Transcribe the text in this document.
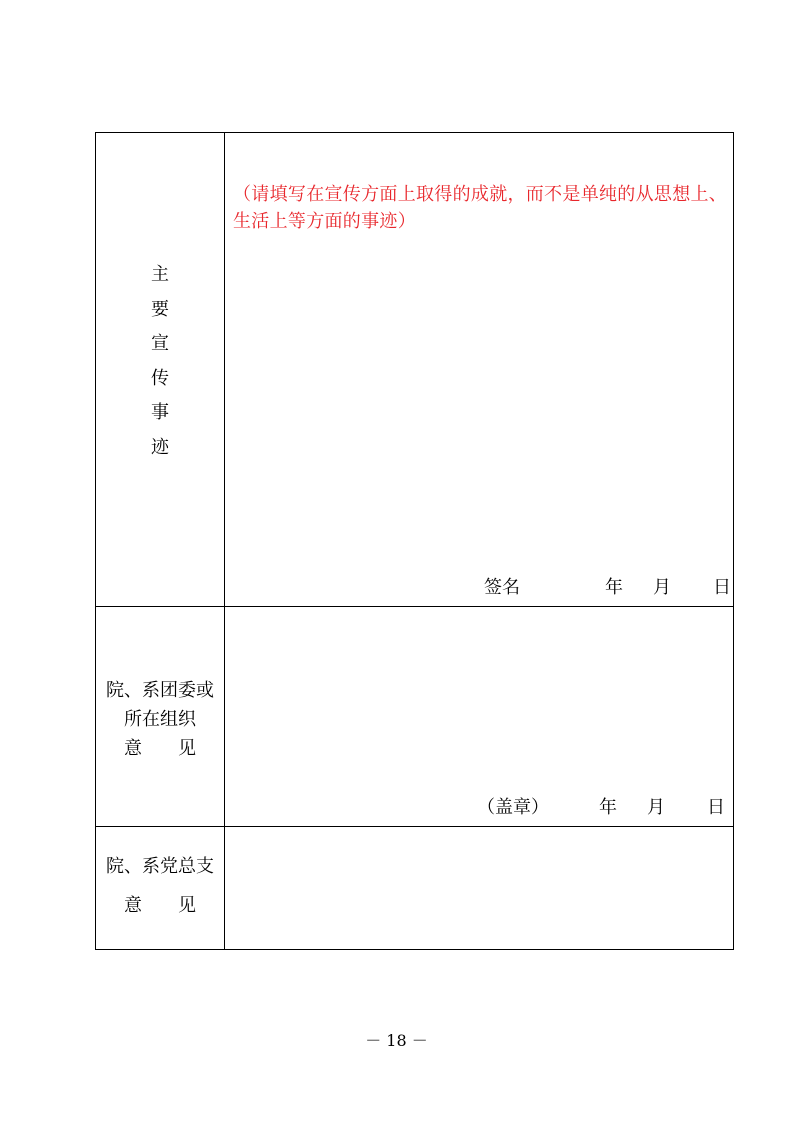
主
要
宣
传
事
迹
（请填写在宣传方面上取得的成就，而不是单纯的从思想上、生活上等方面的事迹）
签名	年 月 日
院、系团委或
所在组织
意　　见
（盖章）	年 月 日
院、系党总支
意　　见
－ 18 －
